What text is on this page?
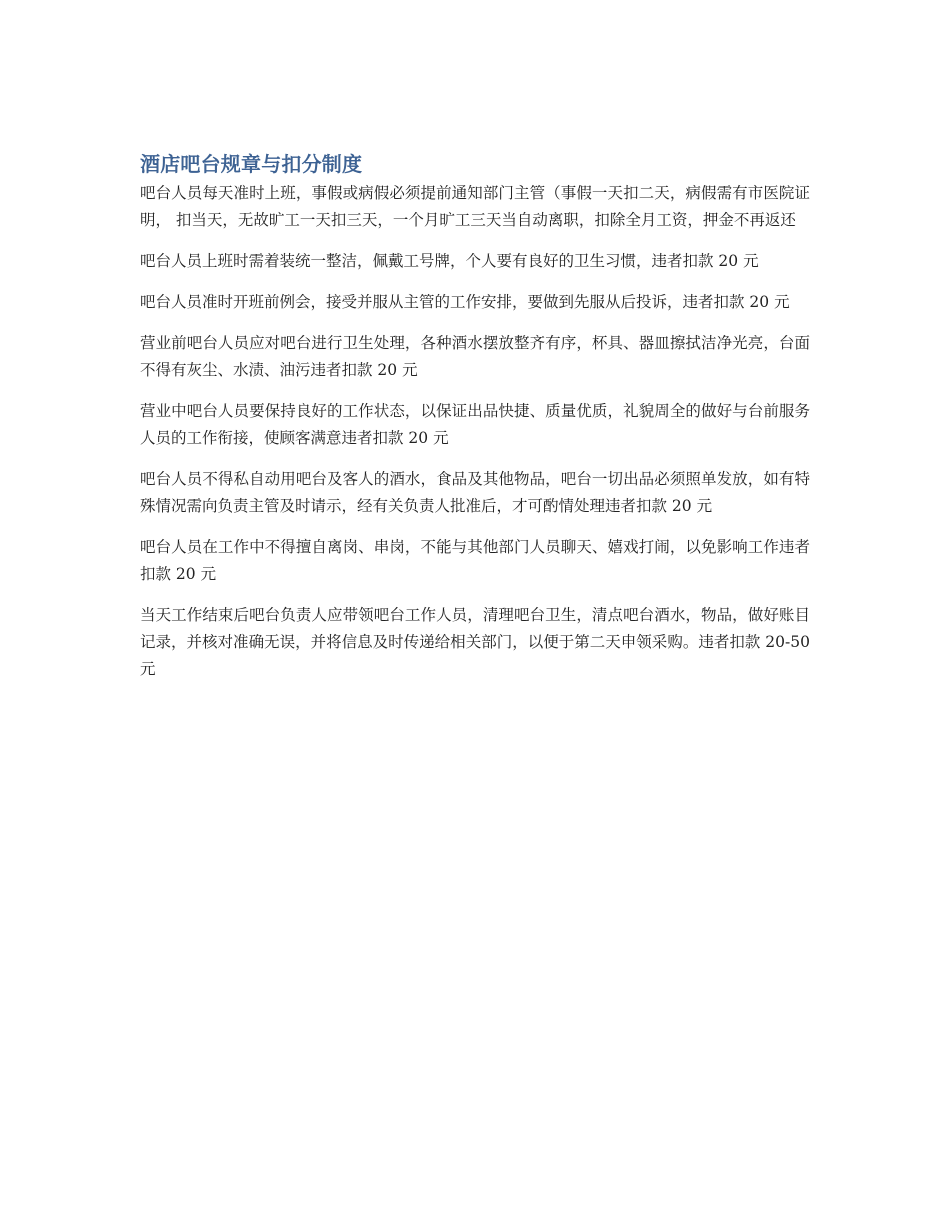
酒店吧台规章与扣分制度

吧台人员每天准时上班，事假或病假必须提前通知部门主管（事假一天扣二天，病假需有市医院证明， 扣当天，无故旷工一天扣三天，一个月旷工三天当自动离职，扣除全月工资，押金不再返还

吧台人员上班时需着装统一整洁，佩戴工号牌，个人要有良好的卫生习惯，违者扣款 20 元

吧台人员准时开班前例会，接受并服从主管的工作安排，要做到先服从后投诉，违者扣款 20 元

营业前吧台人员应对吧台进行卫生处理，各种酒水摆放整齐有序，杯具、器皿擦拭洁净光亮，台面不得有灰尘、水渍、油污违者扣款 20 元

营业中吧台人员要保持良好的工作状态，以保证出品快捷、质量优质，礼貌周全的做好与台前服务人员的工作衔接，使顾客满意违者扣款 20 元

吧台人员不得私自动用吧台及客人的酒水，食品及其他物品，吧台一切出品必须照单发放，如有特殊情况需向负责主管及时请示，经有关负责人批准后，才可酌情处理违者扣款 20 元

吧台人员在工作中不得擅自离岗、串岗，不能与其他部门人员聊天、嬉戏打闹，以免影响工作违者扣款 20 元

当天工作结束后吧台负责人应带领吧台工作人员，清理吧台卫生，清点吧台酒水，物品，做好账目记录，并核对准确无误，并将信息及时传递给相关部门，以便于第二天申领采购。违者扣款 20-50 元
